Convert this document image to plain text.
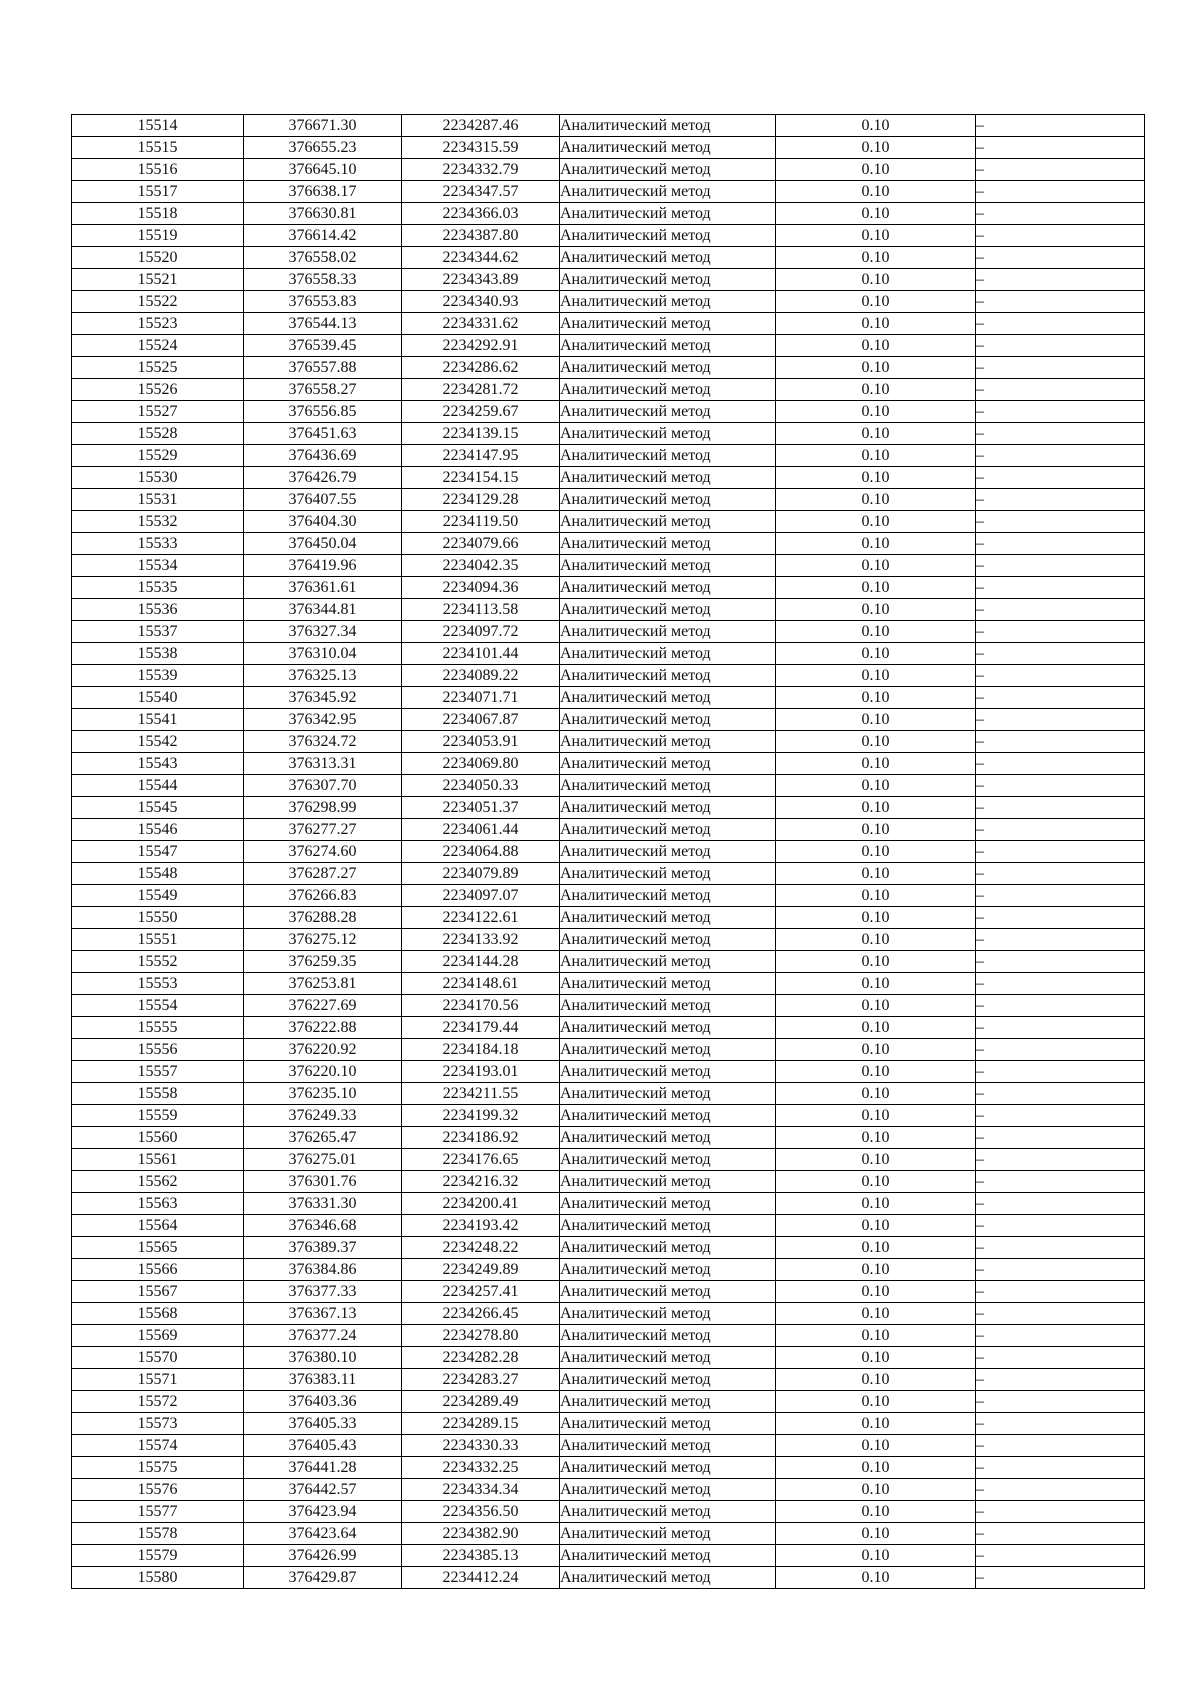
15514	376671.30	2234287.46	Аналитический метод	0.10	–
15515	376655.23	2234315.59	Аналитический метод	0.10	–
15516	376645.10	2234332.79	Аналитический метод	0.10	–
15517	376638.17	2234347.57	Аналитический метод	0.10	–
15518	376630.81	2234366.03	Аналитический метод	0.10	–
15519	376614.42	2234387.80	Аналитический метод	0.10	–
15520	376558.02	2234344.62	Аналитический метод	0.10	–
15521	376558.33	2234343.89	Аналитический метод	0.10	–
15522	376553.83	2234340.93	Аналитический метод	0.10	–
15523	376544.13	2234331.62	Аналитический метод	0.10	–
15524	376539.45	2234292.91	Аналитический метод	0.10	–
15525	376557.88	2234286.62	Аналитический метод	0.10	–
15526	376558.27	2234281.72	Аналитический метод	0.10	–
15527	376556.85	2234259.67	Аналитический метод	0.10	–
15528	376451.63	2234139.15	Аналитический метод	0.10	–
15529	376436.69	2234147.95	Аналитический метод	0.10	–
15530	376426.79	2234154.15	Аналитический метод	0.10	–
15531	376407.55	2234129.28	Аналитический метод	0.10	–
15532	376404.30	2234119.50	Аналитический метод	0.10	–
15533	376450.04	2234079.66	Аналитический метод	0.10	–
15534	376419.96	2234042.35	Аналитический метод	0.10	–
15535	376361.61	2234094.36	Аналитический метод	0.10	–
15536	376344.81	2234113.58	Аналитический метод	0.10	–
15537	376327.34	2234097.72	Аналитический метод	0.10	–
15538	376310.04	2234101.44	Аналитический метод	0.10	–
15539	376325.13	2234089.22	Аналитический метод	0.10	–
15540	376345.92	2234071.71	Аналитический метод	0.10	–
15541	376342.95	2234067.87	Аналитический метод	0.10	–
15542	376324.72	2234053.91	Аналитический метод	0.10	–
15543	376313.31	2234069.80	Аналитический метод	0.10	–
15544	376307.70	2234050.33	Аналитический метод	0.10	–
15545	376298.99	2234051.37	Аналитический метод	0.10	–
15546	376277.27	2234061.44	Аналитический метод	0.10	–
15547	376274.60	2234064.88	Аналитический метод	0.10	–
15548	376287.27	2234079.89	Аналитический метод	0.10	–
15549	376266.83	2234097.07	Аналитический метод	0.10	–
15550	376288.28	2234122.61	Аналитический метод	0.10	–
15551	376275.12	2234133.92	Аналитический метод	0.10	–
15552	376259.35	2234144.28	Аналитический метод	0.10	–
15553	376253.81	2234148.61	Аналитический метод	0.10	–
15554	376227.69	2234170.56	Аналитический метод	0.10	–
15555	376222.88	2234179.44	Аналитический метод	0.10	–
15556	376220.92	2234184.18	Аналитический метод	0.10	–
15557	376220.10	2234193.01	Аналитический метод	0.10	–
15558	376235.10	2234211.55	Аналитический метод	0.10	–
15559	376249.33	2234199.32	Аналитический метод	0.10	–
15560	376265.47	2234186.92	Аналитический метод	0.10	–
15561	376275.01	2234176.65	Аналитический метод	0.10	–
15562	376301.76	2234216.32	Аналитический метод	0.10	–
15563	376331.30	2234200.41	Аналитический метод	0.10	–
15564	376346.68	2234193.42	Аналитический метод	0.10	–
15565	376389.37	2234248.22	Аналитический метод	0.10	–
15566	376384.86	2234249.89	Аналитический метод	0.10	–
15567	376377.33	2234257.41	Аналитический метод	0.10	–
15568	376367.13	2234266.45	Аналитический метод	0.10	–
15569	376377.24	2234278.80	Аналитический метод	0.10	–
15570	376380.10	2234282.28	Аналитический метод	0.10	–
15571	376383.11	2234283.27	Аналитический метод	0.10	–
15572	376403.36	2234289.49	Аналитический метод	0.10	–
15573	376405.33	2234289.15	Аналитический метод	0.10	–
15574	376405.43	2234330.33	Аналитический метод	0.10	–
15575	376441.28	2234332.25	Аналитический метод	0.10	–
15576	376442.57	2234334.34	Аналитический метод	0.10	–
15577	376423.94	2234356.50	Аналитический метод	0.10	–
15578	376423.64	2234382.90	Аналитический метод	0.10	–
15579	376426.99	2234385.13	Аналитический метод	0.10	–
15580	376429.87	2234412.24	Аналитический метод	0.10	–
